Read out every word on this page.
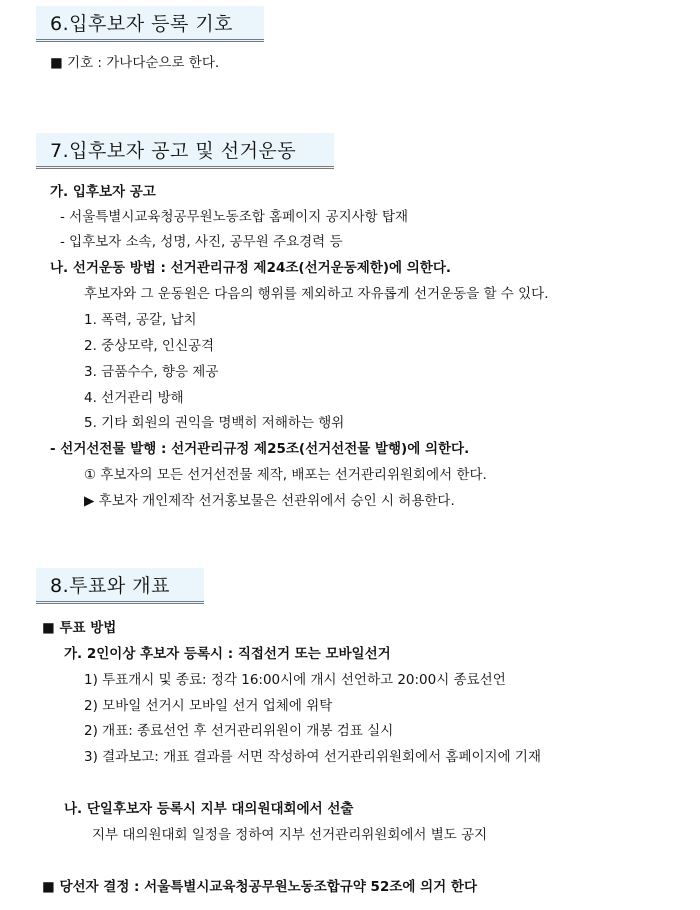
6.입후보자 등록 기호
■ 기호 : 가나다순으로 한다.
7.입후보자 공고 및 선거운동
가. 입후보자 공고
- 서울특별시교육청공무원노동조합 홈페이지 공지사항 탑재
- 입후보자 소속, 성명, 사진, 공무원 주요경력 등
나. 선거운동 방법 : 선거관리규정 제24조(선거운동제한)에 의한다.
후보자와 그 운동원은 다음의 행위를 제외하고 자유롭게 선거운동을 할 수 있다.
1. 폭력, 공갈, 납치
2. 중상모략, 인신공격
3. 금품수수, 향응 제공
4. 선거관리 방해
5. 기타 회원의 권익을 명백히 저해하는 행위
- 선거선전물 발행 : 선거관리규정 제25조(선거선전물 발행)에 의한다.
① 후보자의 모든 선거선전물 제작, 배포는 선거관리위원회에서 한다.
▶ 후보자 개인제작 선거홍보물은 선관위에서 승인 시 허용한다.
8.투표와 개표
■ 투표 방법
가. 2인이상 후보자 등록시 : 직접선거 또는 모바일선거
1) 투표개시 및 종료: 정각 16:00시에 개시 선언하고 20:00시 종료선언
2) 모바일 선거시 모바일 선거 업체에 위탁
2) 개표: 종료선언 후 선거관리위원이 개봉 검표 실시
3) 결과보고: 개표 결과를 서면 작성하여 선거관리위원회에서 홈페이지에 기재
나. 단일후보자 등록시 지부 대의원대회에서 선출
지부 대의원대회 일정을 정하여 지부 선거관리위원회에서 별도 공지
■ 당선자 결정 : 서울특별시교육청공무원노동조합규약 52조에 의거 한다
